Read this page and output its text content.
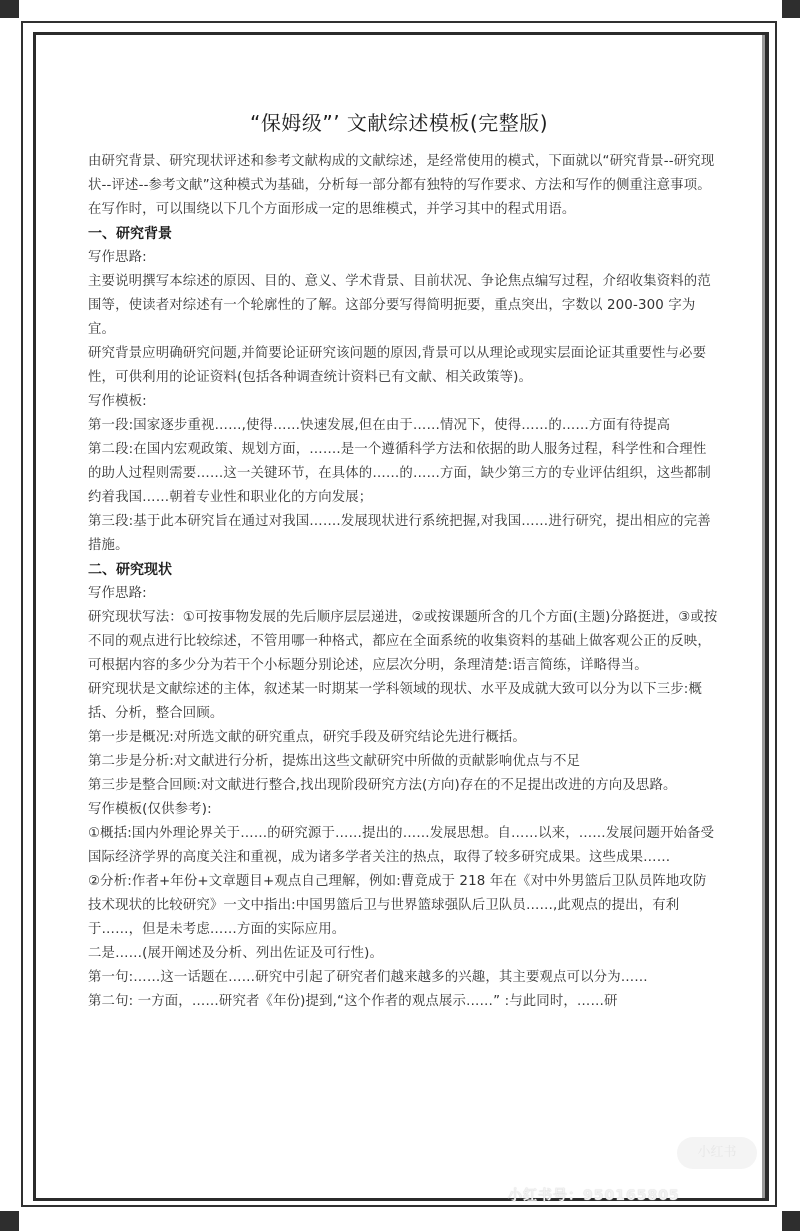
“保姆级”’ 文献综述模板(完整版)

由研究背景、研究现状评述和参考文献构成的文献综述，是经常使用的模式，下面就以“研究背景--研究现状--评述--参考文献”这种模式为基础，分析每一部分都有独特的写作要求、方法和写作的侧重注意事项。在写作时，可以围绕以下几个方面形成一定的思维模式，并学习其中的程式用语。

一、研究背景

写作思路:

主要说明撰写本综述的原因、目的、意义、学术背景、目前状况、争论焦点编写过程，介绍收集资料的范围等，使读者对综述有一个轮廓性的了解。这部分要写得简明扼要，重点突出，字数以 200-300 字为宜。

研究背景应明确研究问题,并简要论证研究该问题的原因,背景可以从理论或现实层面论证其重要性与必要性，可供利用的论证资料(包括各种调查统计资料已有文献、相关政策等)。

写作模板:

第一段:国家逐步重视……,使得……快速发展,但在由于……情况下，使得……的……方面有待提高

第二段:在国内宏观政策、规划方面，…….是一个遵循科学方法和依据的助人服务过程，科学性和合理性的助人过程则需要……这一关键环节，在具体的……的……方面，缺少第三方的专业评估组织，这些都制约着我国……朝着专业性和职业化的方向发展；

第三段:基于此本研究旨在通过对我国…….发展现状进行系统把握,对我国……进行研究，提出相应的完善措施。

二、研究现状

写作思路:

研究现状写法：①可按事物发展的先后顺序层层递进，②或按课题所含的几个方面(主题)分路挺进，③或按不同的观点进行比较综述，不管用哪一种格式，都应在全面系统的收集资料的基础上做客观公正的反映，可根据内容的多少分为若干个小标题分别论述，应层次分明，条理清楚:语言简练，详略得当。

研究现状是文献综述的主体，叙述某一时期某一学科领域的现状、水平及成就大致可以分为以下三步:概括、分析，整合回顾。

第一步是概况:对所选文献的研究重点，研究手段及研究结论先进行概括。

第二步是分析:对文献进行分析，提炼出这些文献研究中所做的贡献影响优点与不足

第三步是整合回顾:对文献进行整合,找出现阶段研究方法(方向)存在的不足提出改进的方向及思路。

写作模板(仅供参考):

①概括:国内外理论界关于……的研究源于……提出的……发展思想。自……以来，……发展问题开始备受国际经济学界的高度关注和重视，成为诸多学者关注的热点，取得了较多研究成果。这些成果……

②分析:作者+年份+文章题目+观点自己理解，例如:曹竟成于 218 年在《对中外男篮后卫队员阵地攻防技术现状的比较研究》一文中指出:中国男篮后卫与世界篮球强队后卫队员……,此观点的提出，有利于……，但是未考虑……方面的实际应用。

二是……(展开阐述及分析、列出佐证及可行性)。

第一句:……这一话题在……研究中引起了研究者们越来越多的兴趣，其主要观点可以分为……

第二句: 一方面，……研究者《年份)提到,“这个作者的观点展示……” :与此同时，……研

小红书
小红书号：950165805
